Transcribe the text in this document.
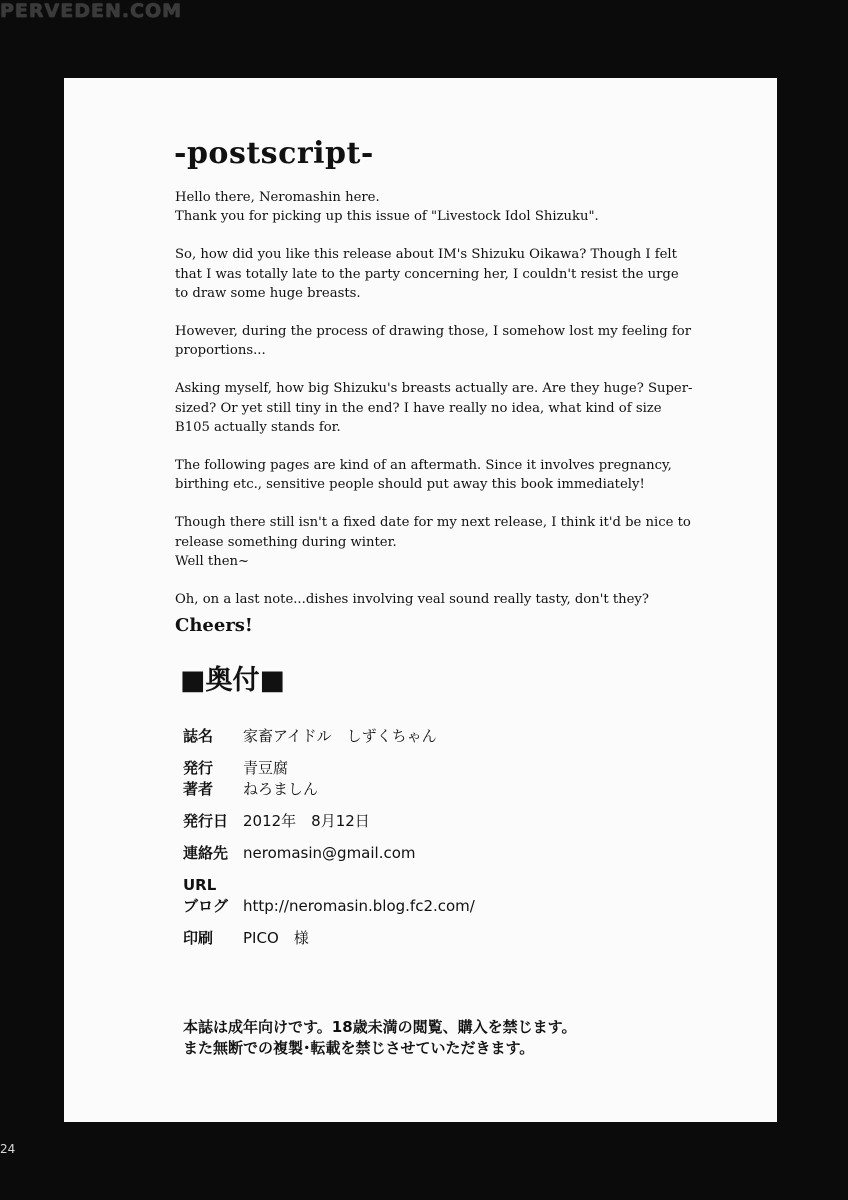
PERVEDEN.COM
-postscript-

Hello there, Neromashin here.
Thank you for picking up this issue of "Livestock Idol Shizuku".

So, how did you like this release about IM's Shizuku Oikawa? Though I felt that I was totally late to the party concerning her, I couldn't resist the urge to draw some huge breasts.

However, during the process of drawing those, I somehow lost my feeling for proportions...

Asking myself, how big Shizuku's breasts actually are. Are they huge? Super-sized? Or yet still tiny in the end? I have really no idea, what kind of size B105 actually stands for.

The following pages are kind of an aftermath. Since it involves pregnancy, birthing etc., sensitive people should put away this book immediately!

Though there still isn't a fixed date for my next release, I think it'd be nice to release something during winter.
Well then~

Oh, on a last note...dishes involving veal sound really tasty, don't they?

Cheers!
■奥付■
誌名	家畜アイドル　しずくちゃん
発行	青豆腐
著者	ねろましん
発行日 2012年　8月12日
連絡先 neromasin@gmail.com
URL
ブログ http://neromasin.blog.fc2.com/
印刷	PICO　様
本誌は成年向けです。18歳未満の閲覧、購入を禁じます。
また無断での複製･転載を禁じさせていただきます。
24
